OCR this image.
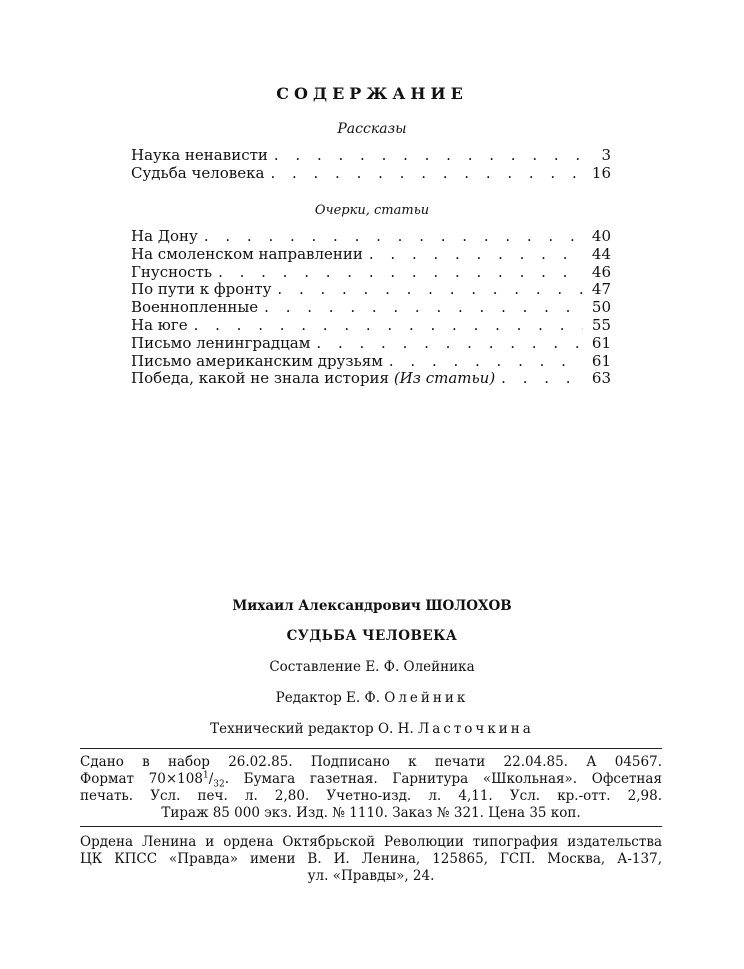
СОДЕРЖАНИЕ
Рассказы
Наука ненависти . . .	3
Судьба человека . . .	16
Очерки, статьи
На Дону . . .	40
На смоленском направлении . . .	44
Гнусность . . .	46
По пути к фронту . . .	47
Военнопленные . . .	50
На юге . . .	55
Письмо ленинградцам . . .	61
Письмо американским друзьям . . .	61
Победа, какой не знала история (Из статьи) . . .	63
Михаил Александрович ШОЛОХОВ
СУДЬБА ЧЕЛОВЕКА
Составление Е. Ф. Олейника
Редактор Е. Ф. Олейник
Технический редактор О. Н. Ласточкина
Сдано в набор 26.02.85. Подписано к печати 22.04.85. А 04567.
Формат $70\times 108^1/_{32}$. Бумага газетная. Гарнитура «Школьная». Офсетная
печать. Усл. печ. л. 2,80. Учетно-изд. л. 4,11. Усл. кр.-отт. 2,98.
Тираж 85 000 экз. Изд. № 1110. Заказ № 321. Цена 35 коп.
Ордена Ленина и ордена Октябрьской Революции типография издательства
ЦК КПСС «Правда» имени В. И. Ленина, 125865, ГСП. Москва, А-137,
ул. «Правды», 24.
